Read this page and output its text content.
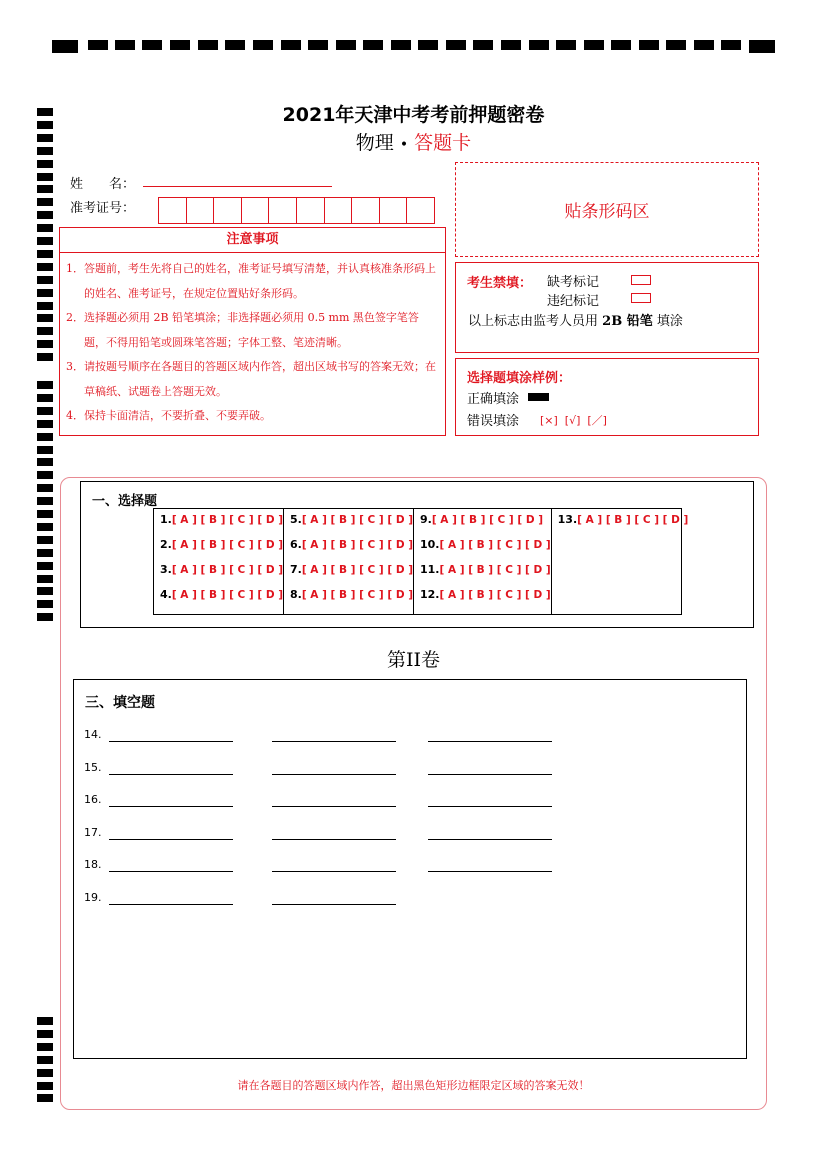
2021年天津中考考前押题密卷
物理 • 答题卡
姓　　名：
准考证号：	贴条形码区
注意事项
1．答题前，考生先将自己的姓名，准考证号填写清楚，并认真核准条形码上的姓名、准考证号，在规定位置贴好条形码。
2．选择题必须用 2B 铅笔填涂；非选择题必须用 0.5 mm 黑色签字笔答题，不得用铅笔或圆珠笔答题；字体工整、笔迹清晰。
3．请按题号顺序在各题目的答题区域内作答，超出区域书写的答案无效；在草稿纸、试题卷上答题无效。
4．保持卡面清洁，不要折叠、不要弄破。
考生禁填： 缺考标记
违纪标记
以上标志由监考人员用 2B 铅笔 填涂
选择题填涂样例：
正确填涂
错误填涂 [×]  [√]  [／]
一、选择题
1.[ A ] [ B ] [ C ] [ D ]
2.[ A ] [ B ] [ C ] [ D ]
3.[ A ] [ B ] [ C ] [ D ]
4.[ A ] [ B ] [ C ] [ D ]
5.[ A ] [ B ] [ C ] [ D ]
6.[ A ] [ B ] [ C ] [ D ]
7.[ A ] [ B ] [ C ] [ D ]
8.[ A ] [ B ] [ C ] [ D ]
9.[ A ] [ B ] [ C ] [ D ]
10.[ A ] [ B ] [ C ] [ D ]
11.[ A ] [ B ] [ C ] [ D ]
12.[ A ] [ B ] [ C ] [ D ]
13.[ A ] [ B ] [ C ] [ D ]
第II卷
三、填空题
14.
15.
16.
17.
18.
19.
请在各题目的答题区域内作答，超出黑色矩形边框限定区域的答案无效！
